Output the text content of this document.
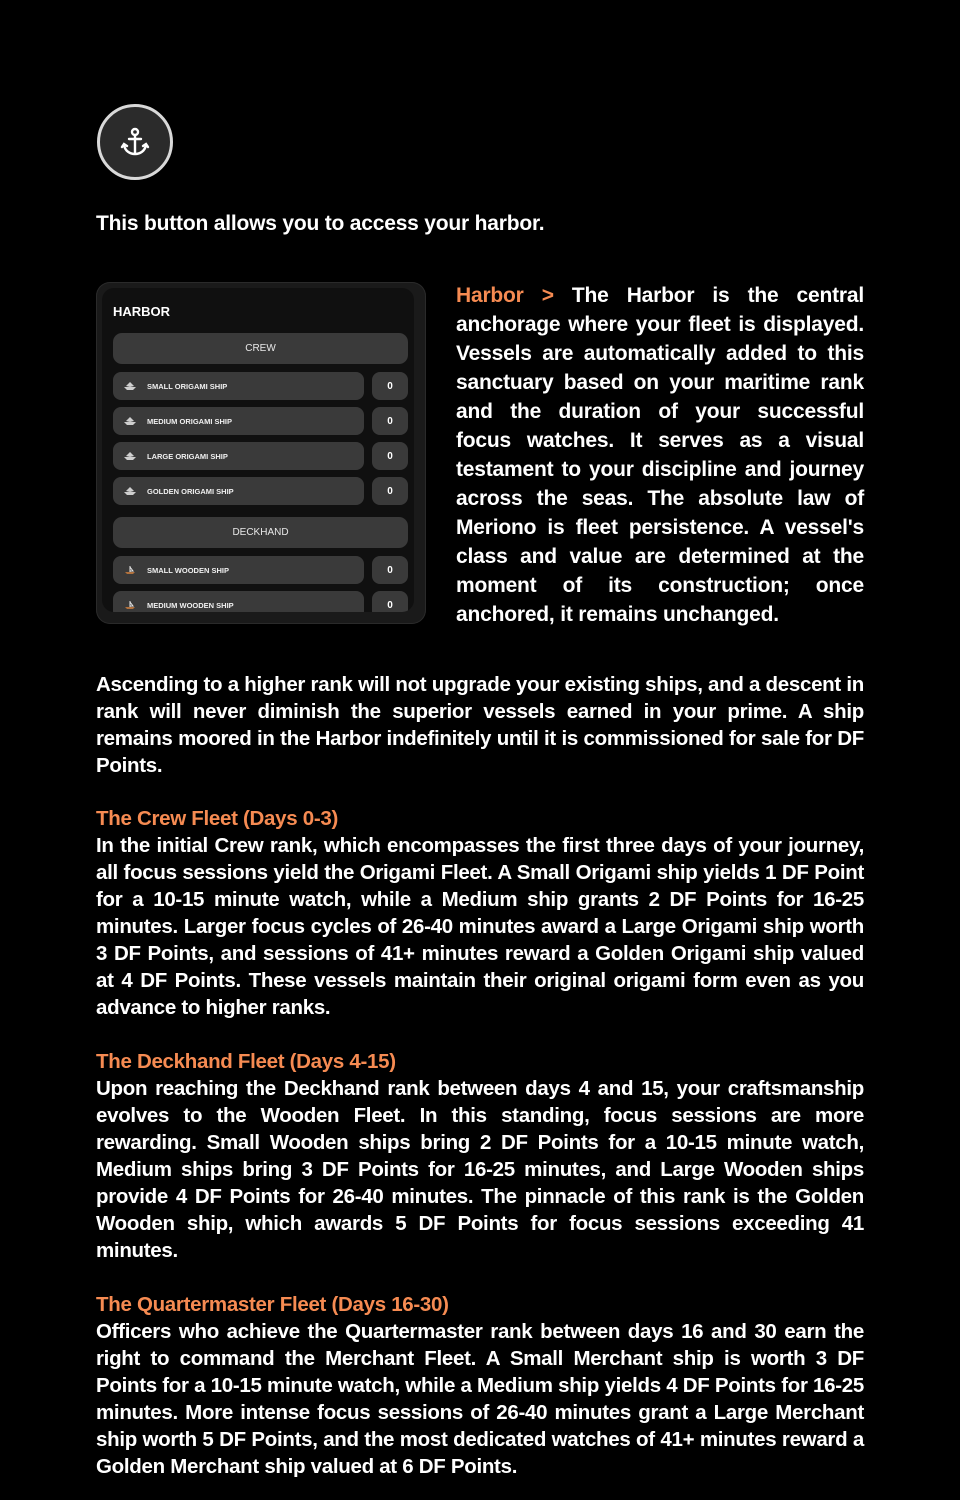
This button allows you to access your harbor.
HARBOR
CREW
SMALL ORIGAMI SHIP	0
MEDIUM ORIGAMI SHIP	0
LARGE ORIGAMI SHIP	0
GOLDEN ORIGAMI SHIP	0
DECKHAND
SMALL WOODEN SHIP	0
MEDIUM WOODEN SHIP	0
Harbor > The Harbor is the central anchorage where your fleet is displayed. Vessels are automatically added to this sanctuary based on your maritime rank and the duration of your successful focus watches. It serves as a visual testament to your discipline and journey across the seas. The absolute law of Meriono is fleet persistence. A vessel's class and value are determined at the moment of its construction; once anchored, it remains unchanged.
Ascending to a higher rank will not upgrade your existing ships, and a descent in rank will never diminish the superior vessels earned in your prime. A ship remains moored in the Harbor indefinitely until it is commissioned for sale for DF Points.
The Crew Fleet (Days 0-3)
In the initial Crew rank, which encompasses the first three days of your journey, all focus sessions yield the Origami Fleet. A Small Origami ship yields 1 DF Point for a 10-15 minute watch, while a Medium ship grants 2 DF Points for 16-25 minutes. Larger focus cycles of 26-40 minutes award a Large Origami ship worth 3 DF Points, and sessions of 41+ minutes reward a Golden Origami ship valued at 4 DF Points. These vessels maintain their original origami form even as you advance to higher ranks.
The Deckhand Fleet (Days 4-15)
Upon reaching the Deckhand rank between days 4 and 15, your craftsmanship evolves to the Wooden Fleet. In this standing, focus sessions are more rewarding. Small Wooden ships bring 2 DF Points for a 10-15 minute watch, Medium ships bring 3 DF Points for 16-25 minutes, and Large Wooden ships provide 4 DF Points for 26-40 minutes. The pinnacle of this rank is the Golden Wooden ship, which awards 5 DF Points for focus sessions exceeding 41 minutes.
The Quartermaster Fleet (Days 16-30)
Officers who achieve the Quartermaster rank between days 16 and 30 earn the right to command the Merchant Fleet. A Small Merchant ship is worth 3 DF Points for a 10-15 minute watch, while a Medium ship yields 4 DF Points for 16-25 minutes. More intense focus sessions of 26-40 minutes grant a Large Merchant ship worth 5 DF Points, and the most dedicated watches of 41+ minutes reward a Golden Merchant ship valued at 6 DF Points.
